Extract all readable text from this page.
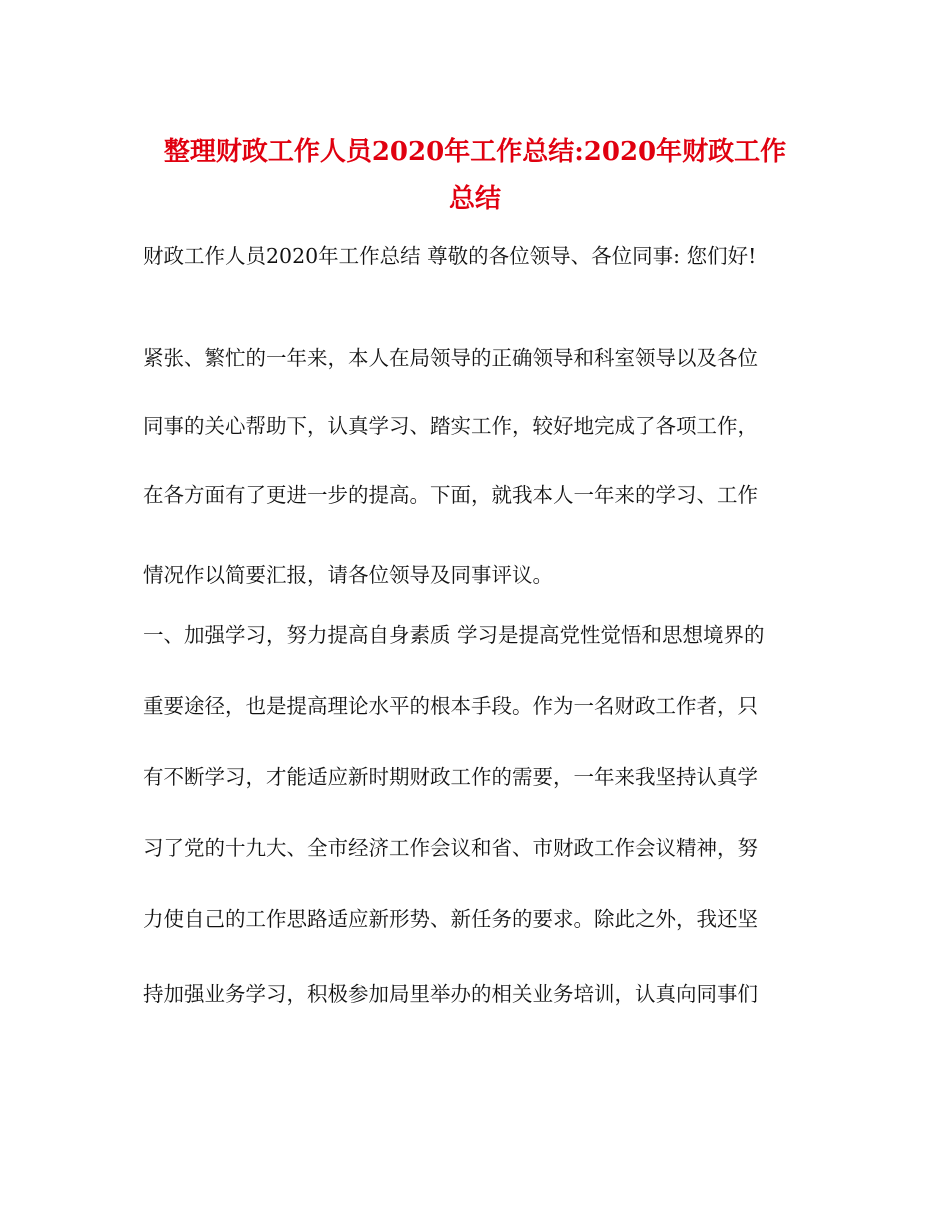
整理财政工作人员2020年工作总结:2020年财政工作
总结
财政工作人员2020年工作总结 尊敬的各位领导、各位同事: 您们好!
紧张、繁忙的一年来，本人在局领导的正确领导和科室领导以及各位
同事的关心帮助下，认真学习、踏实工作，较好地完成了各项工作，
在各方面有了更进一步的提高。下面，就我本人一年来的学习、工作
情况作以简要汇报，请各位领导及同事评议。
一、加强学习，努力提高自身素质 学习是提高党性觉悟和思想境界的
重要途径，也是提高理论水平的根本手段。作为一名财政工作者，只
有不断学习，才能适应新时期财政工作的需要，一年来我坚持认真学
习了党的十九大、全市经济工作会议和省、市财政工作会议精神，努
力使自己的工作思路适应新形势、新任务的要求。除此之外，我还坚
持加强业务学习，积极参加局里举办的相关业务培训，认真向同事们
